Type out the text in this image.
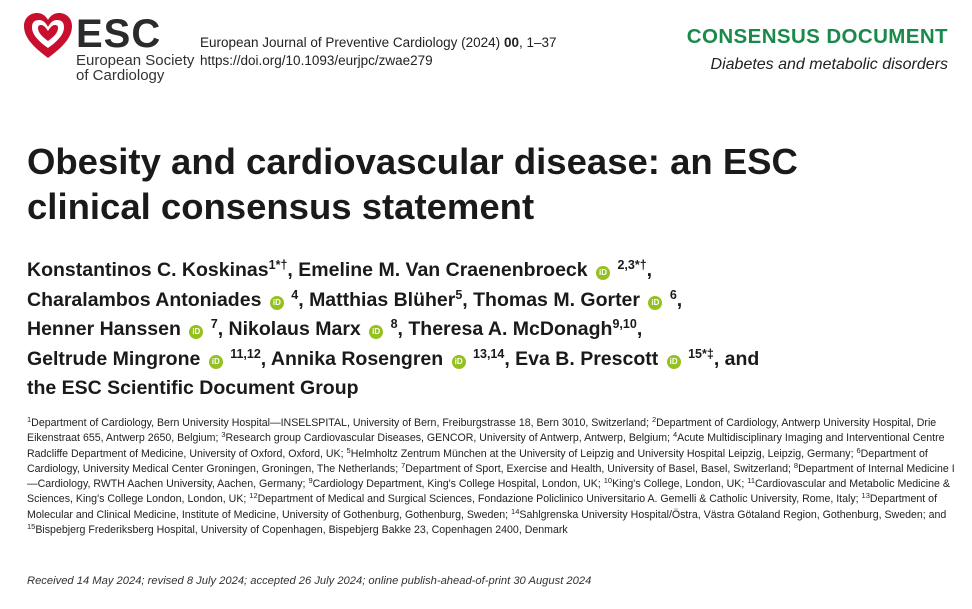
ESC
European Society
of Cardiology
European Journal of Preventive Cardiology (2024) 00, 1–37
https://doi.org/10.1093/eurjpc/zwae279
CONSENSUS DOCUMENT
Diabetes and metabolic disorders
Obesity and cardiovascular disease: an ESC
clinical consensus statement
Konstantinos C. Koskinas$^{1*\dagger}$, Emeline M. Van Craenenbroeck iD $^{2,3*\dagger}$,
Charalambos Antoniades iD $^4$, Matthias Blüher$^5$, Thomas M. Gorter iD $^6$,
Henner Hanssen iD $^7$, Nikolaus Marx iD $^8$, Theresa A. McDonagh$^{9,10}$,
Geltrude Mingrone iD $^{11,12}$, Annika Rosengren iD $^{13,14}$, Eva B. Prescott iD $^{15*\ddagger}$, and
the ESC Scientific Document Group
$^1$Department of Cardiology, Bern University Hospital—INSELSPITAL, University of Bern, Freiburgstrasse 18, Bern 3010, Switzerland; $^2$Department of Cardiology, Antwerp University Hospital, Drie Eikenstraat 655, Antwerp 2650, Belgium; $^3$Research group Cardiovascular Diseases, GENCOR, University of Antwerp, Antwerp, Belgium; $^4$Acute Multidisciplinary Imaging and Interventional Centre Radcliffe Department of Medicine, University of Oxford, Oxford, UK; $^5$Helmholtz Zentrum München at the University of Leipzig and University Hospital Leipzig, Leipzig, Germany; $^6$Department of Cardiology, University Medical Center Groningen, Groningen, The Netherlands; $^7$Department of Sport, Exercise and Health, University of Basel, Basel, Switzerland; $^8$Department of Internal Medicine I—Cardiology, RWTH Aachen University, Aachen, Germany; $^9$Cardiology Department, King's College Hospital, London, UK; $^{10}$King's College, London, UK; $^{11}$Cardiovascular and Metabolic Medicine & Sciences, King's College London, London, UK; $^{12}$Department of Medical and Surgical Sciences, Fondazione Policlinico Universitario A. Gemelli & Catholic University, Rome, Italy; $^{13}$Department of Molecular and Clinical Medicine, Institute of Medicine, University of Gothenburg, Gothenburg, Sweden; $^{14}$Sahlgrenska University Hospital/Östra, Västra Götaland Region, Gothenburg, Sweden; and $^{15}$Bispebjerg Frederiksberg Hospital, University of Copenhagen, Bispebjerg Bakke 23, Copenhagen 2400, Denmark
Received 14 May 2024; revised 8 July 2024; accepted 26 July 2024; online publish-ahead-of-print 30 August 2024
